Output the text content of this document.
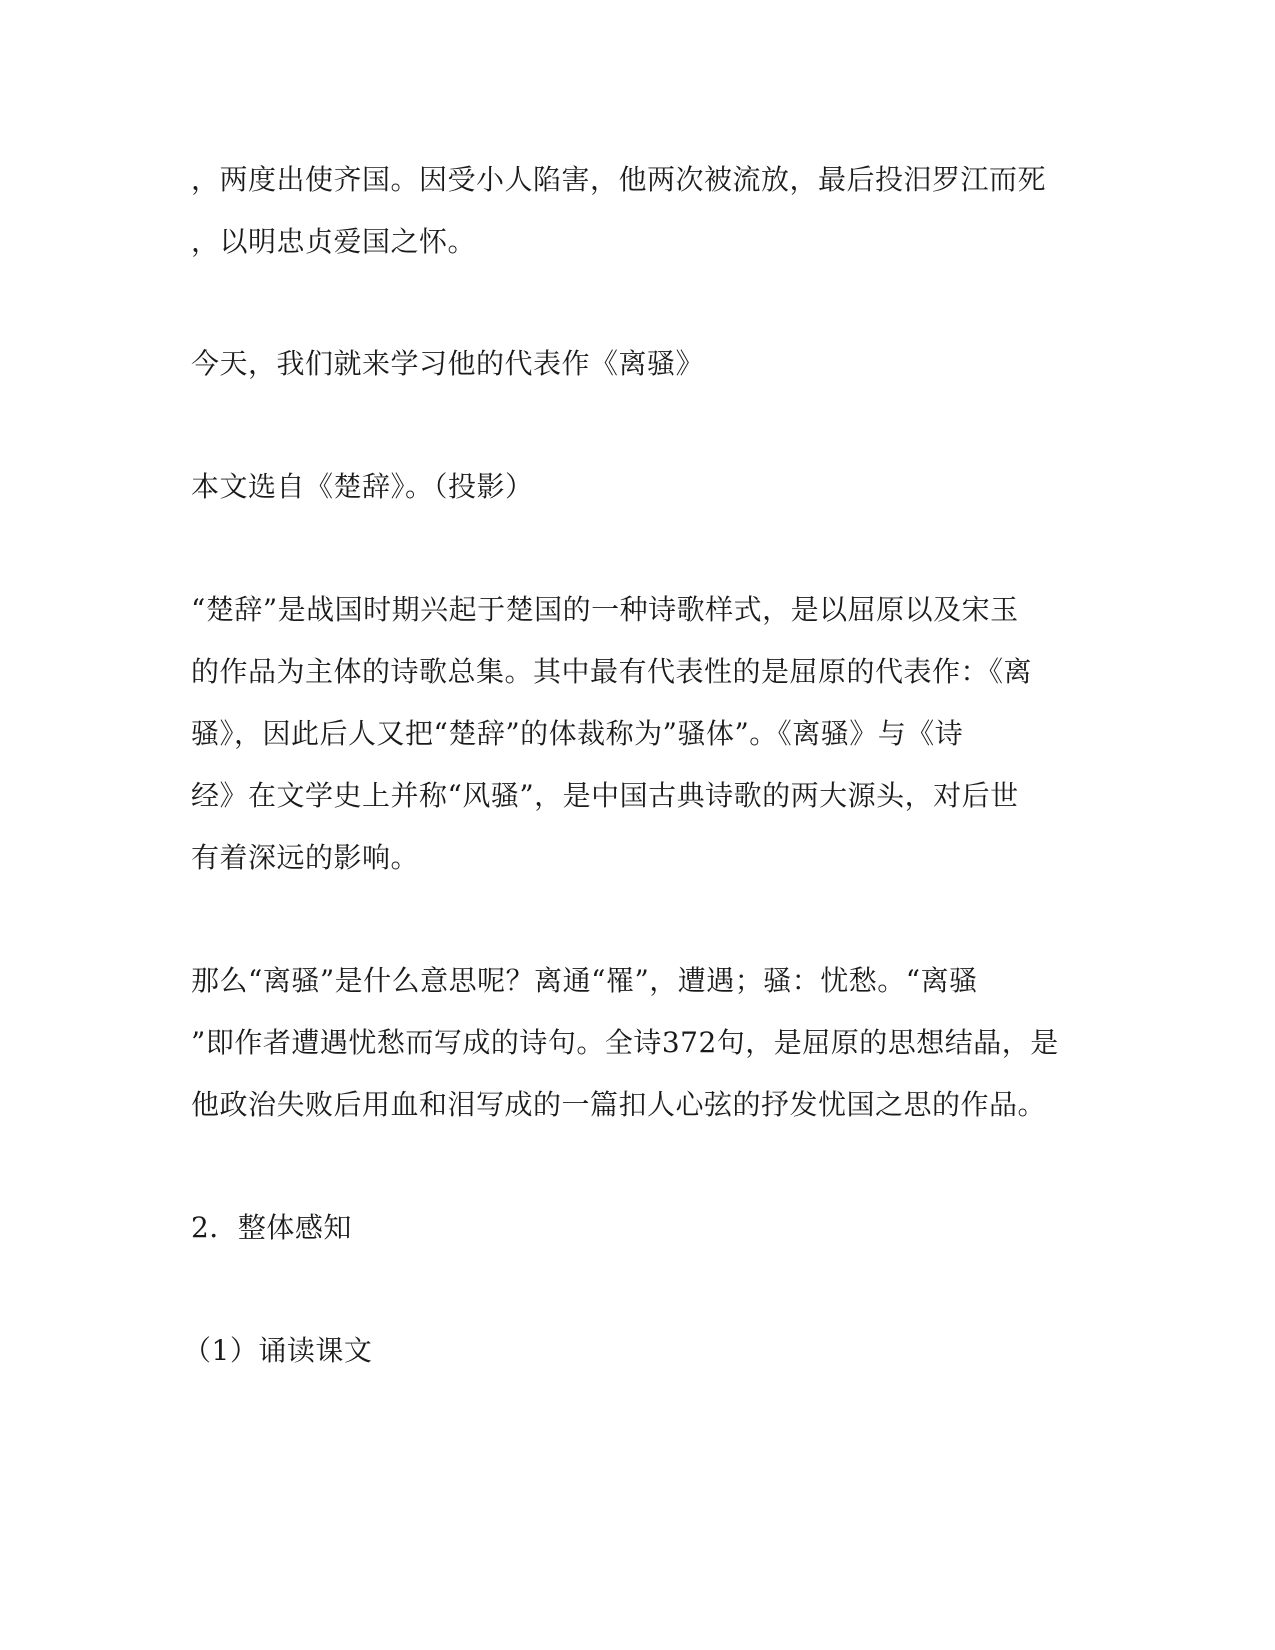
，两度出使齐国。因受小人陷害，他两次被流放，最后投汨罗江而死
，以明忠贞爱国之怀。
今天，我们就来学习他的代表作《离骚》
本文选自《楚辞》。（投影）
“楚辞”是战国时期兴起于楚国的一种诗歌样式，是以屈原以及宋玉
的作品为主体的诗歌总集。其中最有代表性的是屈原的代表作：《离
骚》，因此后人又把“楚辞”的体裁称为”骚体”。《离骚》与《诗
经》在文学史上并称“风骚”，是中国古典诗歌的两大源头，对后世
有着深远的影响。
那么“离骚”是什么意思呢？离通“罹”，遭遇；骚：忧愁。“离骚
”即作者遭遇忧愁而写成的诗句。全诗372句，是屈原的思想结晶，是
他政治失败后用血和泪写成的一篇扣人心弦的抒发忧国之思的作品。
2．整体感知
（1）诵读课文
